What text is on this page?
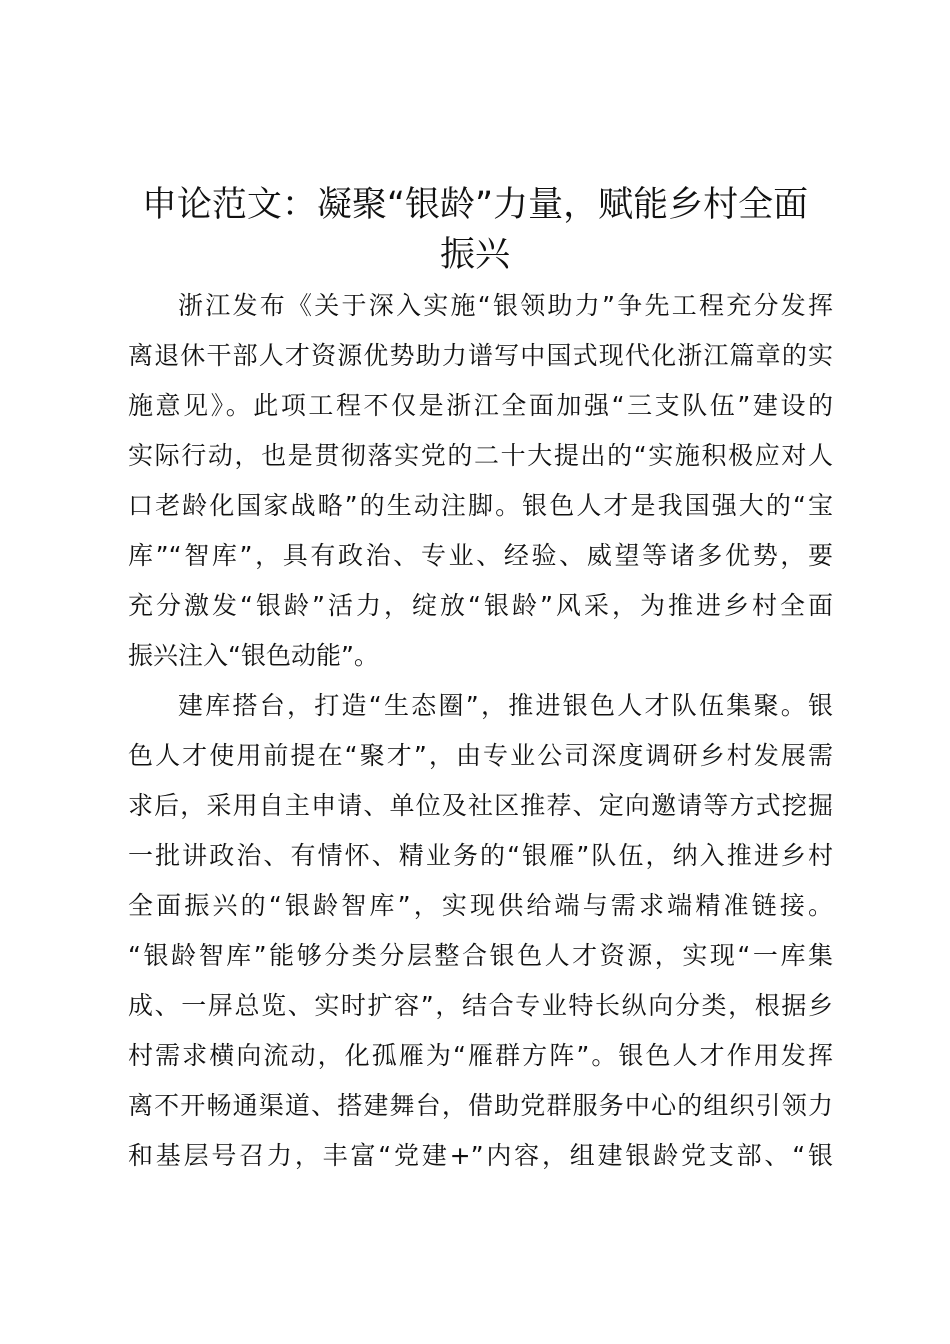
申论范文：凝聚“银龄”力量，赋能乡村全面
振兴
浙江发布《关于深入实施“银领助力”争先工程充分发挥
离退休干部人才资源优势助力谱写中国式现代化浙江篇章的实
施意见》。此项工程不仅是浙江全面加强“三支队伍”建设的
实际行动，也是贯彻落实党的二十大提出的“实施积极应对人
口老龄化国家战略”的生动注脚。银色人才是我国强大的“宝
库”“智库”，具有政治、专业、经验、威望等诸多优势，要
充分激发“银龄”活力，绽放“银龄”风采，为推进乡村全面
振兴注入“银色动能”。
建库搭台，打造“生态圈”，推进银色人才队伍集聚。银
色人才使用前提在“聚才”，由专业公司深度调研乡村发展需
求后，采用自主申请、单位及社区推荐、定向邀请等方式挖掘
一批讲政治、有情怀、精业务的“银雁”队伍，纳入推进乡村
全面振兴的“银龄智库”，实现供给端与需求端精准链接。
“银龄智库”能够分类分层整合银色人才资源，实现“一库集
成、一屏总览、实时扩容”，结合专业特长纵向分类，根据乡
村需求横向流动，化孤雁为“雁群方阵”。银色人才作用发挥
离不开畅通渠道、搭建舞台，借助党群服务中心的组织引领力
和基层号召力，丰富“党建+”内容，组建银龄党支部、“银
